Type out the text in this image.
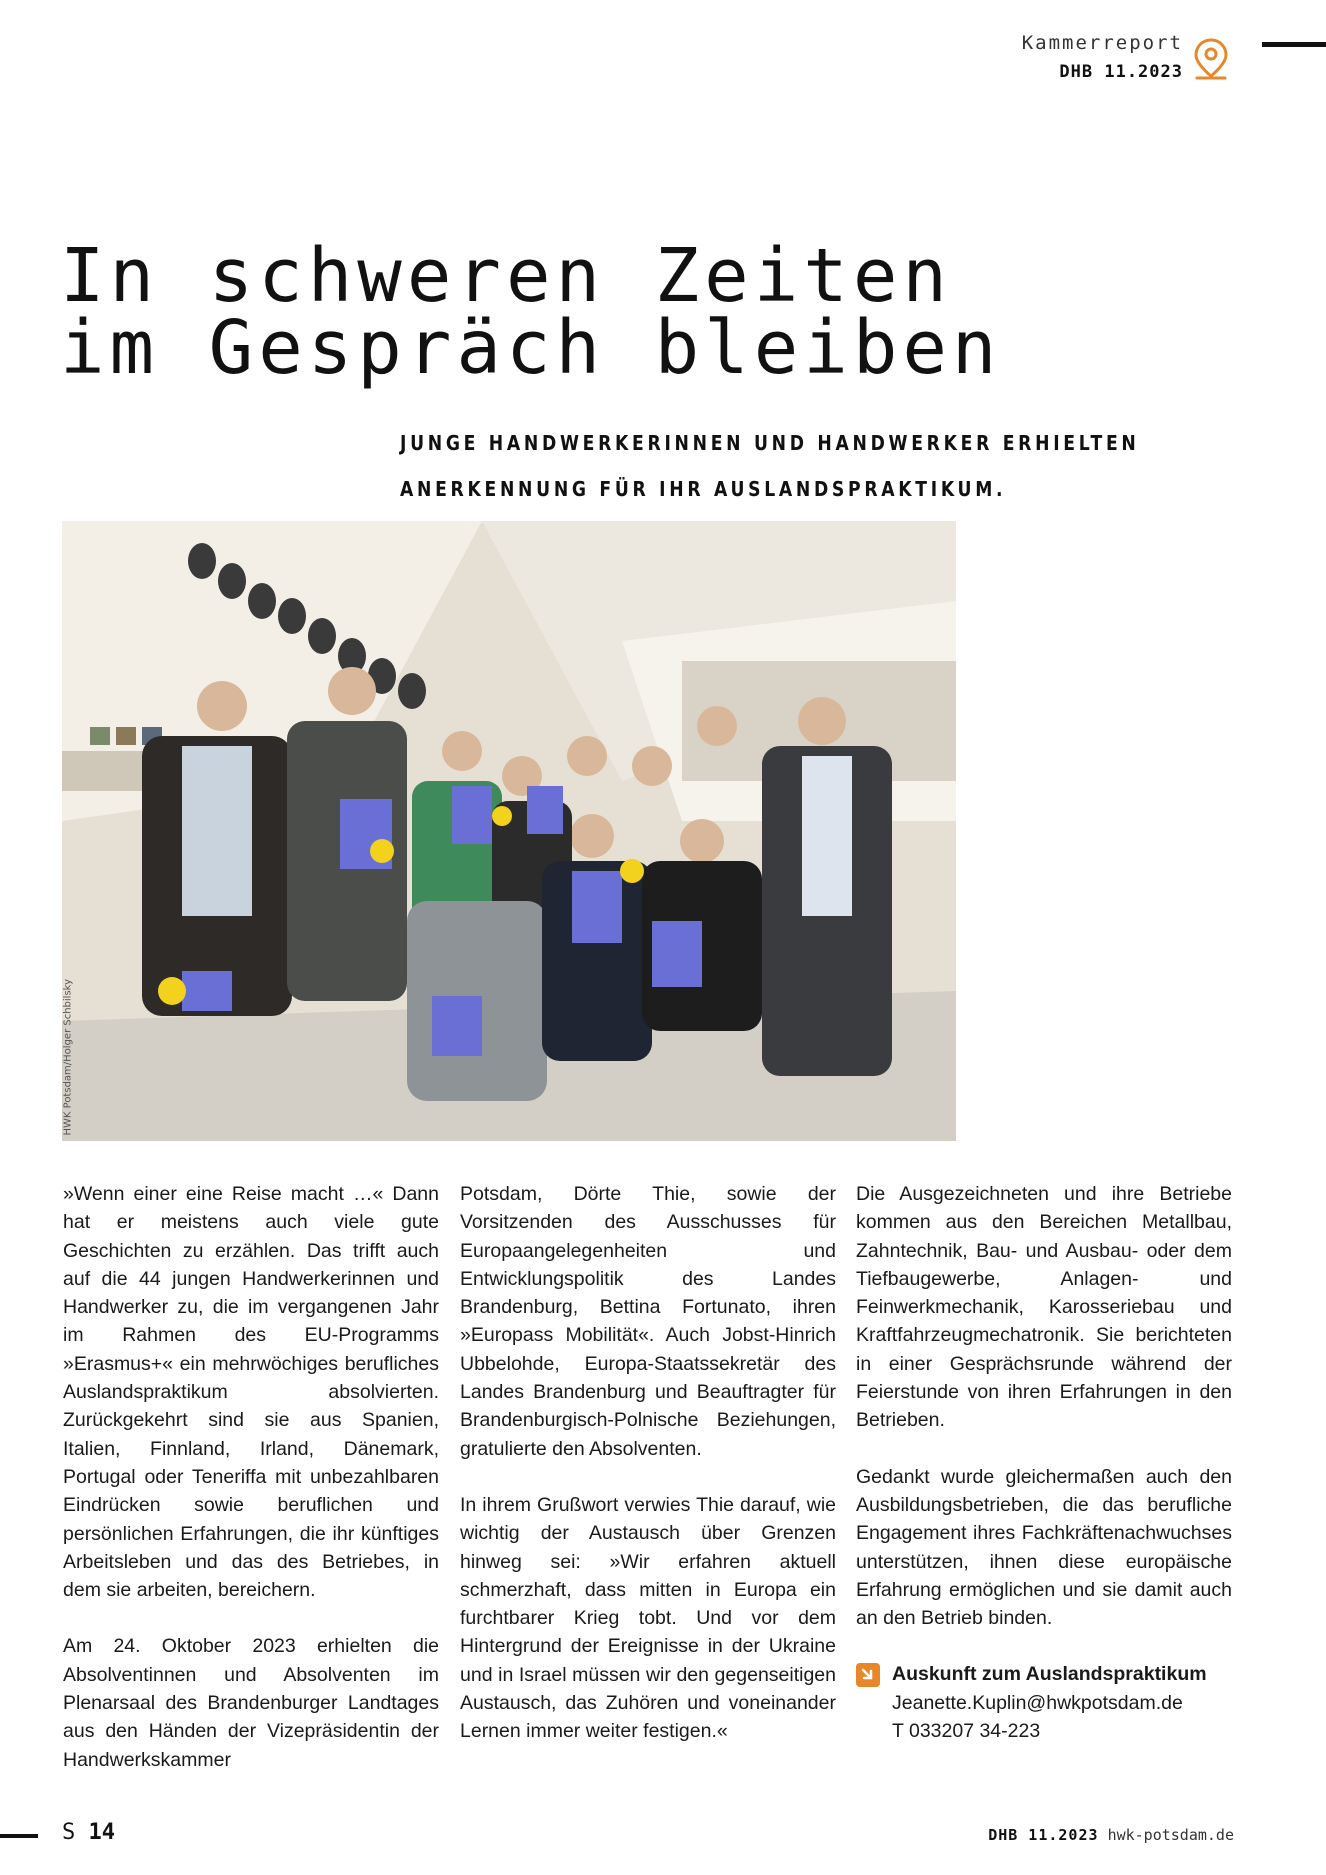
Kammerreport
DHB 11.2023
In schweren Zeiten
im Gespräch bleiben
JUNGE HANDWERKERINNEN UND HANDWERKER ERHIELTEN
ANERKENNUNG FÜR IHR AUSLANDSPRAKTIKUM.
HWK Potsdam/Holger Schbilsky

»Wenn einer eine Reise macht …« Dann hat er meistens auch viele gute Geschichten zu erzählen. Das trifft auch auf die 44 jungen Handwerkerinnen und Handwerker zu, die im vergangenen Jahr im Rahmen des EU-Programms »Erasmus+« ein mehrwöchiges berufliches Auslandspraktikum absolvierten. Zurückgekehrt sind sie aus Spanien, Italien, Finnland, Irland, Dänemark, Portugal oder Teneriffa mit unbezahlbaren Eindrücken sowie beruflichen und persönlichen Erfahrungen, die ihr künftiges Arbeitsleben und das des Betriebes, in dem sie arbeiten, bereichern.

Am 24. Oktober 2023 erhielten die Absolventinnen und Absolventen im Plenarsaal des Brandenburger Landtages aus den Händen der Vizepräsidentin der Handwerkskammer

Potsdam, Dörte Thie, sowie der Vorsitzenden des Ausschusses für Europaangelegenheiten und Entwicklungspolitik des Landes Brandenburg, Bettina Fortunato, ihren »Europass Mobilität«. Auch Jobst-Hinrich Ubbelohde, Europa-Staatssekretär des Landes Brandenburg und Beauftragter für Brandenburgisch-Polnische Beziehungen, gratulierte den Absolventen.

In ihrem Grußwort verwies Thie darauf, wie wichtig der Austausch über Grenzen hinweg sei: »Wir erfahren aktuell schmerzhaft, dass mitten in Europa ein furchtbarer Krieg tobt. Und vor dem Hintergrund der Ereignisse in der Ukraine und in Israel müssen wir den gegenseitigen Austausch, das Zuhören und voneinander Lernen immer weiter festigen.«

Die Ausgezeichneten und ihre Betriebe kommen aus den Bereichen Metallbau, Zahntechnik, Bau- und Ausbau- oder dem Tiefbaugewerbe, Anlagen- und Feinwerkmechanik, Karosseriebau und Kraftfahrzeugmechatronik. Sie berichteten in einer Gesprächsrunde während der Feierstunde von ihren Erfahrungen in den Betrieben.

Gedankt wurde gleichermaßen auch den Ausbildungsbetrieben, die das berufliche Engagement ihres Fachkräftenachwuchses unterstützen, ihnen diese europäische Erfahrung ermöglichen und sie damit auch an den Betrieb binden.

Auskunft zum Auslandspraktikum
Jeanette.Kuplin@hwkpotsdam.de
T 033207 34-223
S 14	DHB 11.2023 hwk-potsdam.de
